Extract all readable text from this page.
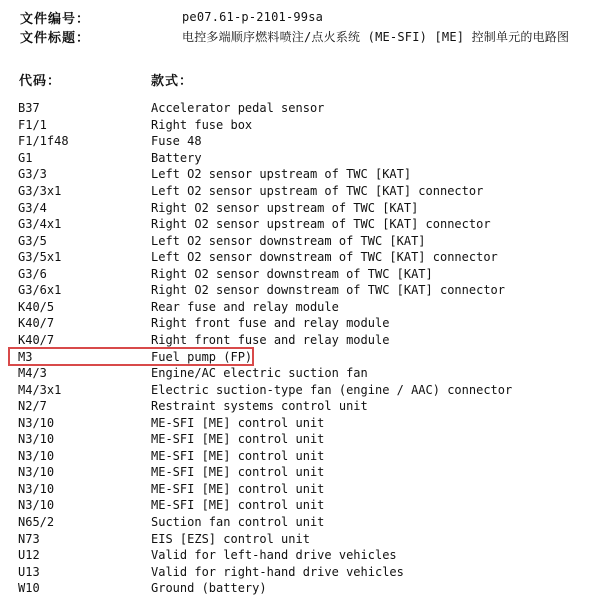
文件编号：	pe07.61-p-2101-99sa
文件标题：	电控多端顺序燃料喷注/点火系统 (ME-SFI) [ME] 控制单元的电路图
代码：	款式：
B37	Accelerator pedal sensor
F1/1	Right fuse box
F1/1f48	Fuse 48
G1	Battery
G3/3	Left O2 sensor upstream of TWC [KAT]
G3/3x1	Left O2 sensor upstream of TWC [KAT] connector
G3/4	Right O2 sensor upstream of TWC [KAT]
G3/4x1	Right O2 sensor upstream of TWC [KAT] connector
G3/5	Left O2 sensor downstream of TWC [KAT]
G3/5x1	Left O2 sensor downstream of TWC [KAT] connector
G3/6	Right O2 sensor downstream of TWC [KAT]
G3/6x1	Right O2 sensor downstream of TWC [KAT] connector
K40/5	Rear fuse and relay module
K40/7	Right front fuse and relay module
K40/7	Right front fuse and relay module
M3	Fuel pump (FP)
M4/3	Engine/AC electric suction fan
M4/3x1	Electric suction-type fan (engine / AAC) connector
N2/7	Restraint systems control unit
N3/10	ME-SFI [ME] control unit
N3/10	ME-SFI [ME] control unit
N3/10	ME-SFI [ME] control unit
N3/10	ME-SFI [ME] control unit
N3/10	ME-SFI [ME] control unit
N3/10	ME-SFI [ME] control unit
N65/2	Suction fan control unit
N73	EIS [EZS] control unit
U12	Valid for left-hand drive vehicles
U13	Valid for right-hand drive vehicles
W10	Ground (battery)
